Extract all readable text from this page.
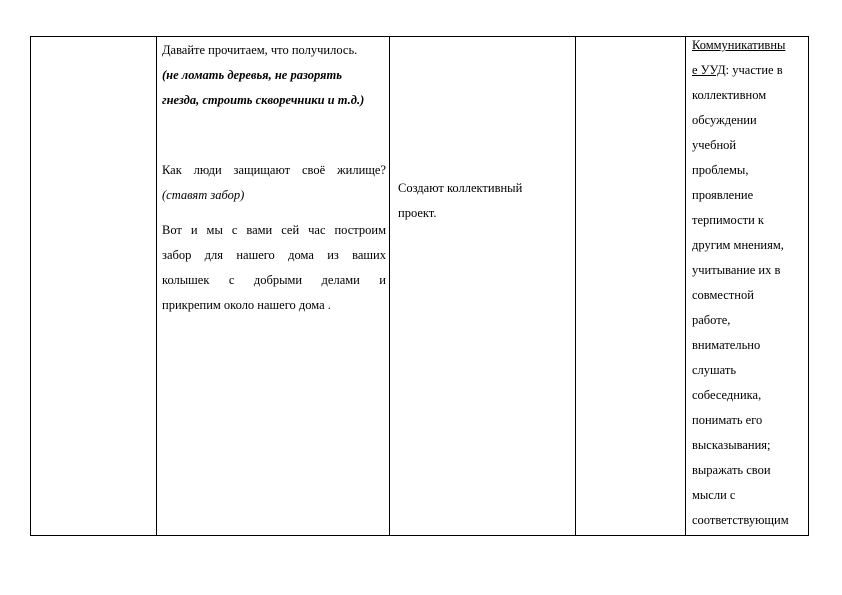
Давайте прочитаем, что получилось.
(не ломать деревья, не разорять
гнезда, строить скворечники и т.д.)
Как люди защищают своё жилище?
(ставят забор)
Вот и мы с вами сей час построим
забор для нашего дома из ваших
колышек с добрыми делами и
прикрепим около нашего дома .
Создают коллективный
проект.
Коммуникативны
е УУД: участие в
коллективном
обсуждении
учебной
проблемы,
проявление
терпимости к
другим мнениям,
учитывание их в
совместной
работе,
внимательно
слушать
собеседника,
понимать его
высказывания;
выражать свои
мысли с
соответствующим
